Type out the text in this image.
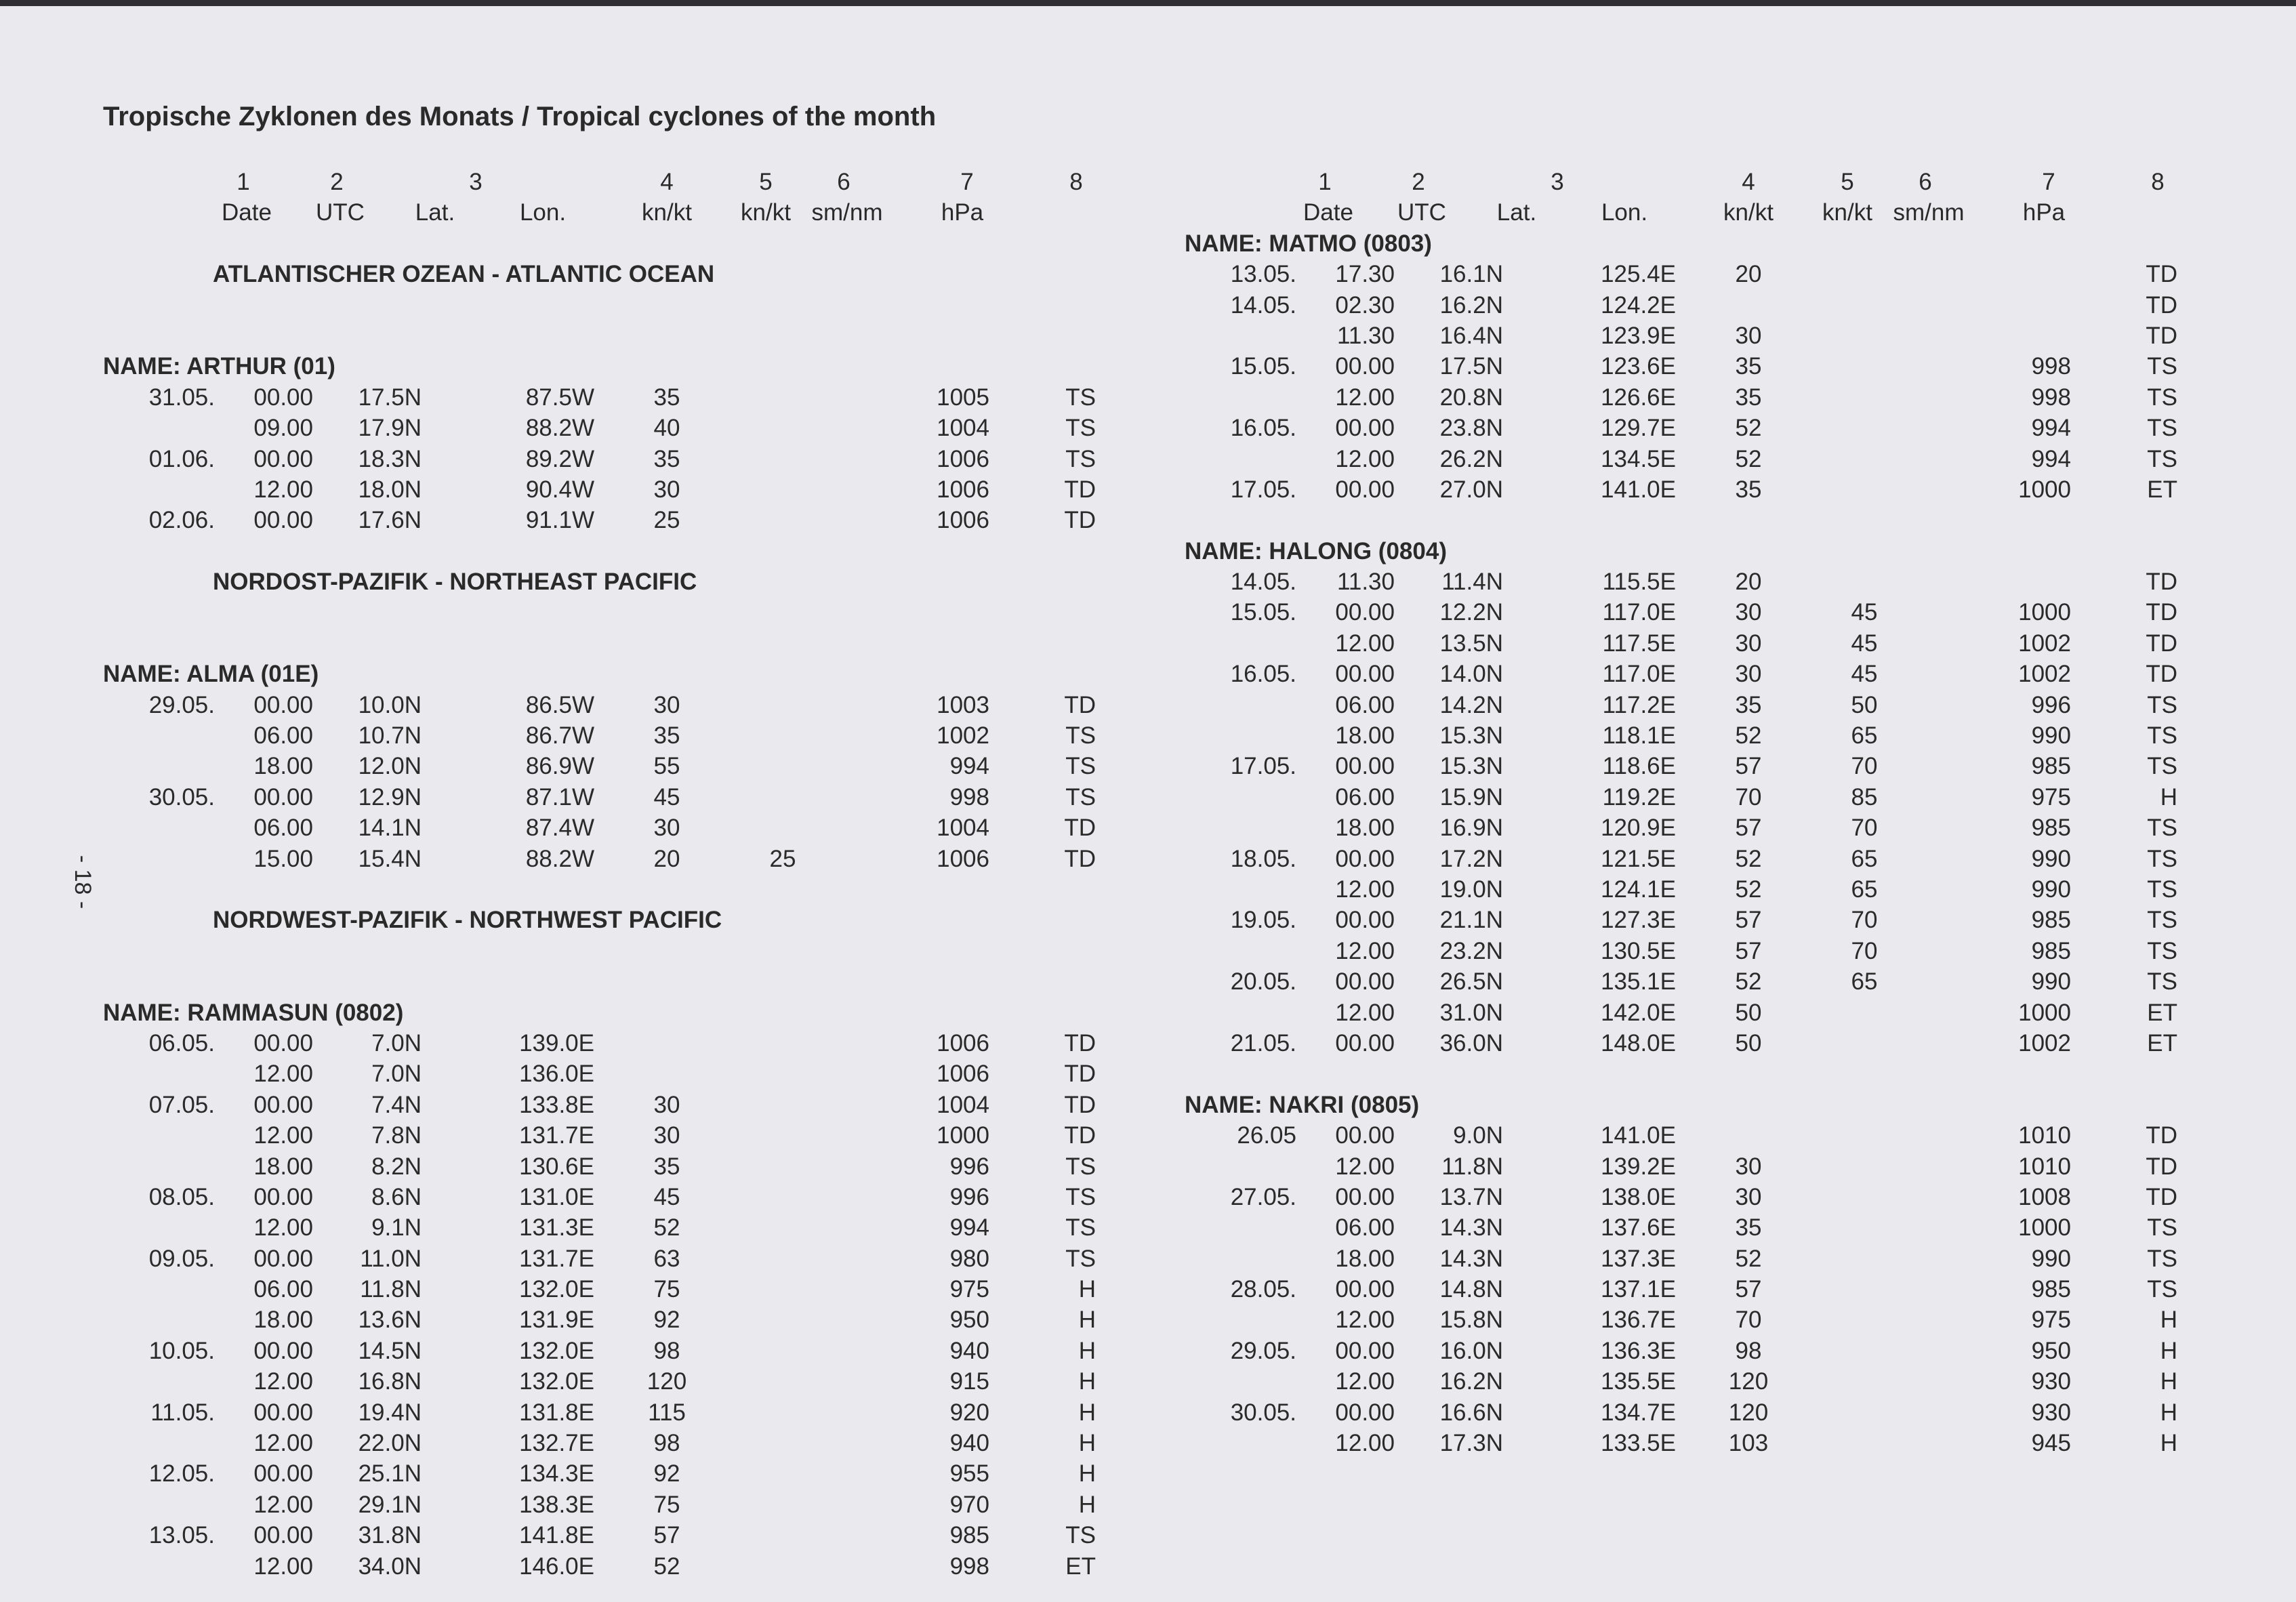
Tropische Zyklonen des Monats / Tropical cyclones of the month
- 18 -
1	2	3	4	5	6	7	8
Date UTC Lat.	Lon.	kn/kt kn/kt sm/nm hPa
ATLANTISCHER OZEAN - ATLANTIC OCEAN
NAME: ARTHUR (01)
31.05. 00.00 17.5N	87.5W	35	1005	TS
09.00 17.9N	88.2W	40	1004	TS
01.06. 00.00 18.3N	89.2W	35	1006	TS
12.00 18.0N	90.4W	30	1006	TD
02.06. 00.00 17.6N	91.1W	25	1006	TD
NORDOST-PAZIFIK - NORTHEAST PACIFIC
NAME: ALMA (01E)
29.05. 00.00 10.0N	86.5W	30	1003	TD
06.00 10.7N	86.7W	35	1002	TS
18.00 12.0N	86.9W	55	994	TS
30.05. 00.00 12.9N	87.1W	45	998	TS
06.00 14.1N	87.4W	30	1004	TD
15.00 15.4N	88.2W	20	25	1006	TD
NORDWEST-PAZIFIK - NORTHWEST PACIFIC
NAME: RAMMASUN (0802)
06.05. 00.00 7.0N	139.0E	1006	TD
12.00 7.0N	136.0E	1006	TD
07.05. 00.00 7.4N	133.8E	30	1004	TD
12.00 7.8N	131.7E	30	1000	TD
18.00 8.2N	130.6E	35	996	TS
08.05. 00.00 8.6N	131.0E	45	996	TS
12.00 9.1N	131.3E	52	994	TS
09.05. 00.00 11.0N	131.7E	63	980	TS
06.00 11.8N	132.0E	75	975	H
18.00 13.6N	131.9E	92	950	H
10.05. 00.00 14.5N	132.0E	98	940	H
12.00 16.8N	132.0E 120	915	H
11.05. 00.00 19.4N	131.8E 115	920	H
12.00 22.0N	132.7E	98	940	H
12.05. 00.00 25.1N	134.3E	92	955	H
12.00 29.1N	138.3E	75	970	H
13.05. 00.00 31.8N	141.8E	57	985	TS
12.00 34.0N	146.0E	52	998	ET
1	2	3	4	5	6	7	8
Date UTC Lat.	Lon.	kn/kt kn/kt sm/nm hPa
NAME: MATMO (0803)
13.05. 17.30 16.1N	125.4E	20	TD
14.05. 02.30 16.2N	124.2E	TD
11.30 16.4N	123.9E	30	TD
15.05. 00.00 17.5N	123.6E	35	998	TS
12.00 20.8N	126.6E	35	998	TS
16.05. 00.00 23.8N	129.7E	52	994	TS
12.00 26.2N	134.5E	52	994	TS
17.05. 00.00 27.0N	141.0E	35	1000	ET
NAME: HALONG (0804)
14.05. 11.30 11.4N	115.5E	20	TD
15.05. 00.00 12.2N	117.0E	30	45	1000	TD
12.00 13.5N	117.5E	30	45	1002	TD
16.05. 00.00 14.0N	117.0E	30	45	1002	TD
06.00 14.2N	117.2E	35	50	996	TS
18.00 15.3N	118.1E	52	65	990	TS
17.05. 00.00 15.3N	118.6E	57	70	985	TS
06.00 15.9N	119.2E	70	85	975	H
18.00 16.9N	120.9E	57	70	985	TS
18.05. 00.00 17.2N	121.5E	52	65	990	TS
12.00 19.0N	124.1E	52	65	990	TS
19.05. 00.00 21.1N	127.3E	57	70	985	TS
12.00 23.2N	130.5E	57	70	985	TS
20.05. 00.00 26.5N	135.1E	52	65	990	TS
12.00 31.0N	142.0E	50	1000	ET
21.05. 00.00 36.0N	148.0E	50	1002	ET
NAME: NAKRI (0805)
26.05 00.00 9.0N	141.0E	1010	TD
12.00 11.8N	139.2E	30	1010	TD
27.05. 00.00 13.7N	138.0E	30	1008	TD
06.00 14.3N	137.6E	35	1000	TS
18.00 14.3N	137.3E	52	990	TS
28.05. 00.00 14.8N	137.1E	57	985	TS
12.00 15.8N	136.7E	70	975	H
29.05. 00.00 16.0N	136.3E	98	950	H
12.00 16.2N	135.5E 120	930	H
30.05. 00.00 16.6N	134.7E 120	930	H
12.00 17.3N	133.5E 103	945	H
